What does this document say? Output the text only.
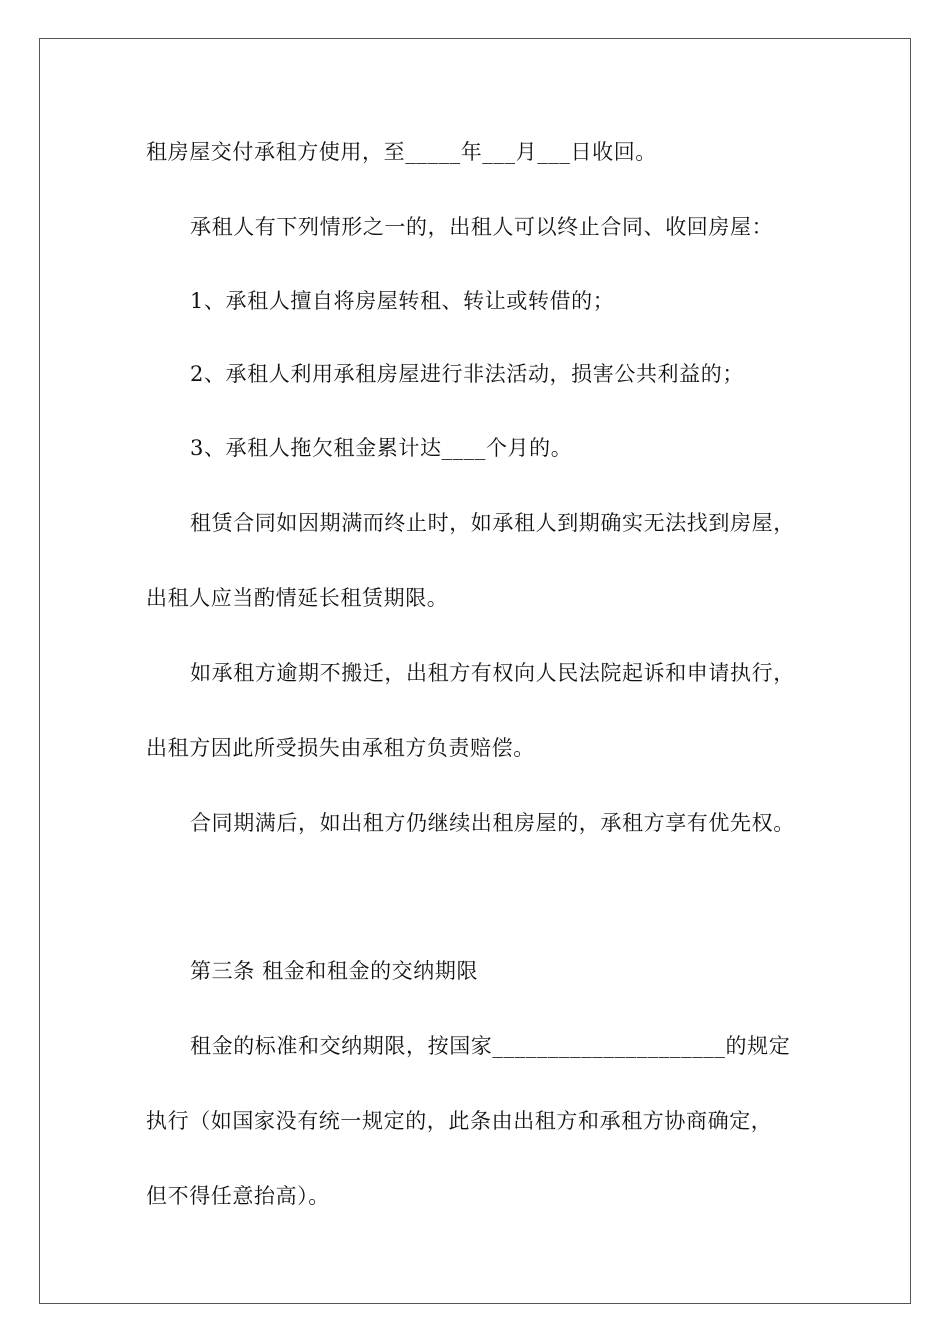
租房屋交付承租方使用，至_____年___月___日收回。
承租人有下列情形之一的，出租人可以终止合同、收回房屋：
1、承租人擅自将房屋转租、转让或转借的；
2、承租人利用承租房屋进行非法活动，损害公共利益的；
3、承租人拖欠租金累计达____个月的。
租赁合同如因期满而终止时，如承租人到期确实无法找到房屋，
出租人应当酌情延长租赁期限。
如承租方逾期不搬迁，出租方有权向人民法院起诉和申请执行，
出租方因此所受损失由承租方负责赔偿。
合同期满后，如出租方仍继续出租房屋的，承租方享有优先权。
第三条 租金和租金的交纳期限
租金的标准和交纳期限，按国家_____________________的规定
执行（如国家没有统一规定的，此条由出租方和承租方协商确定，
但不得任意抬高）。
